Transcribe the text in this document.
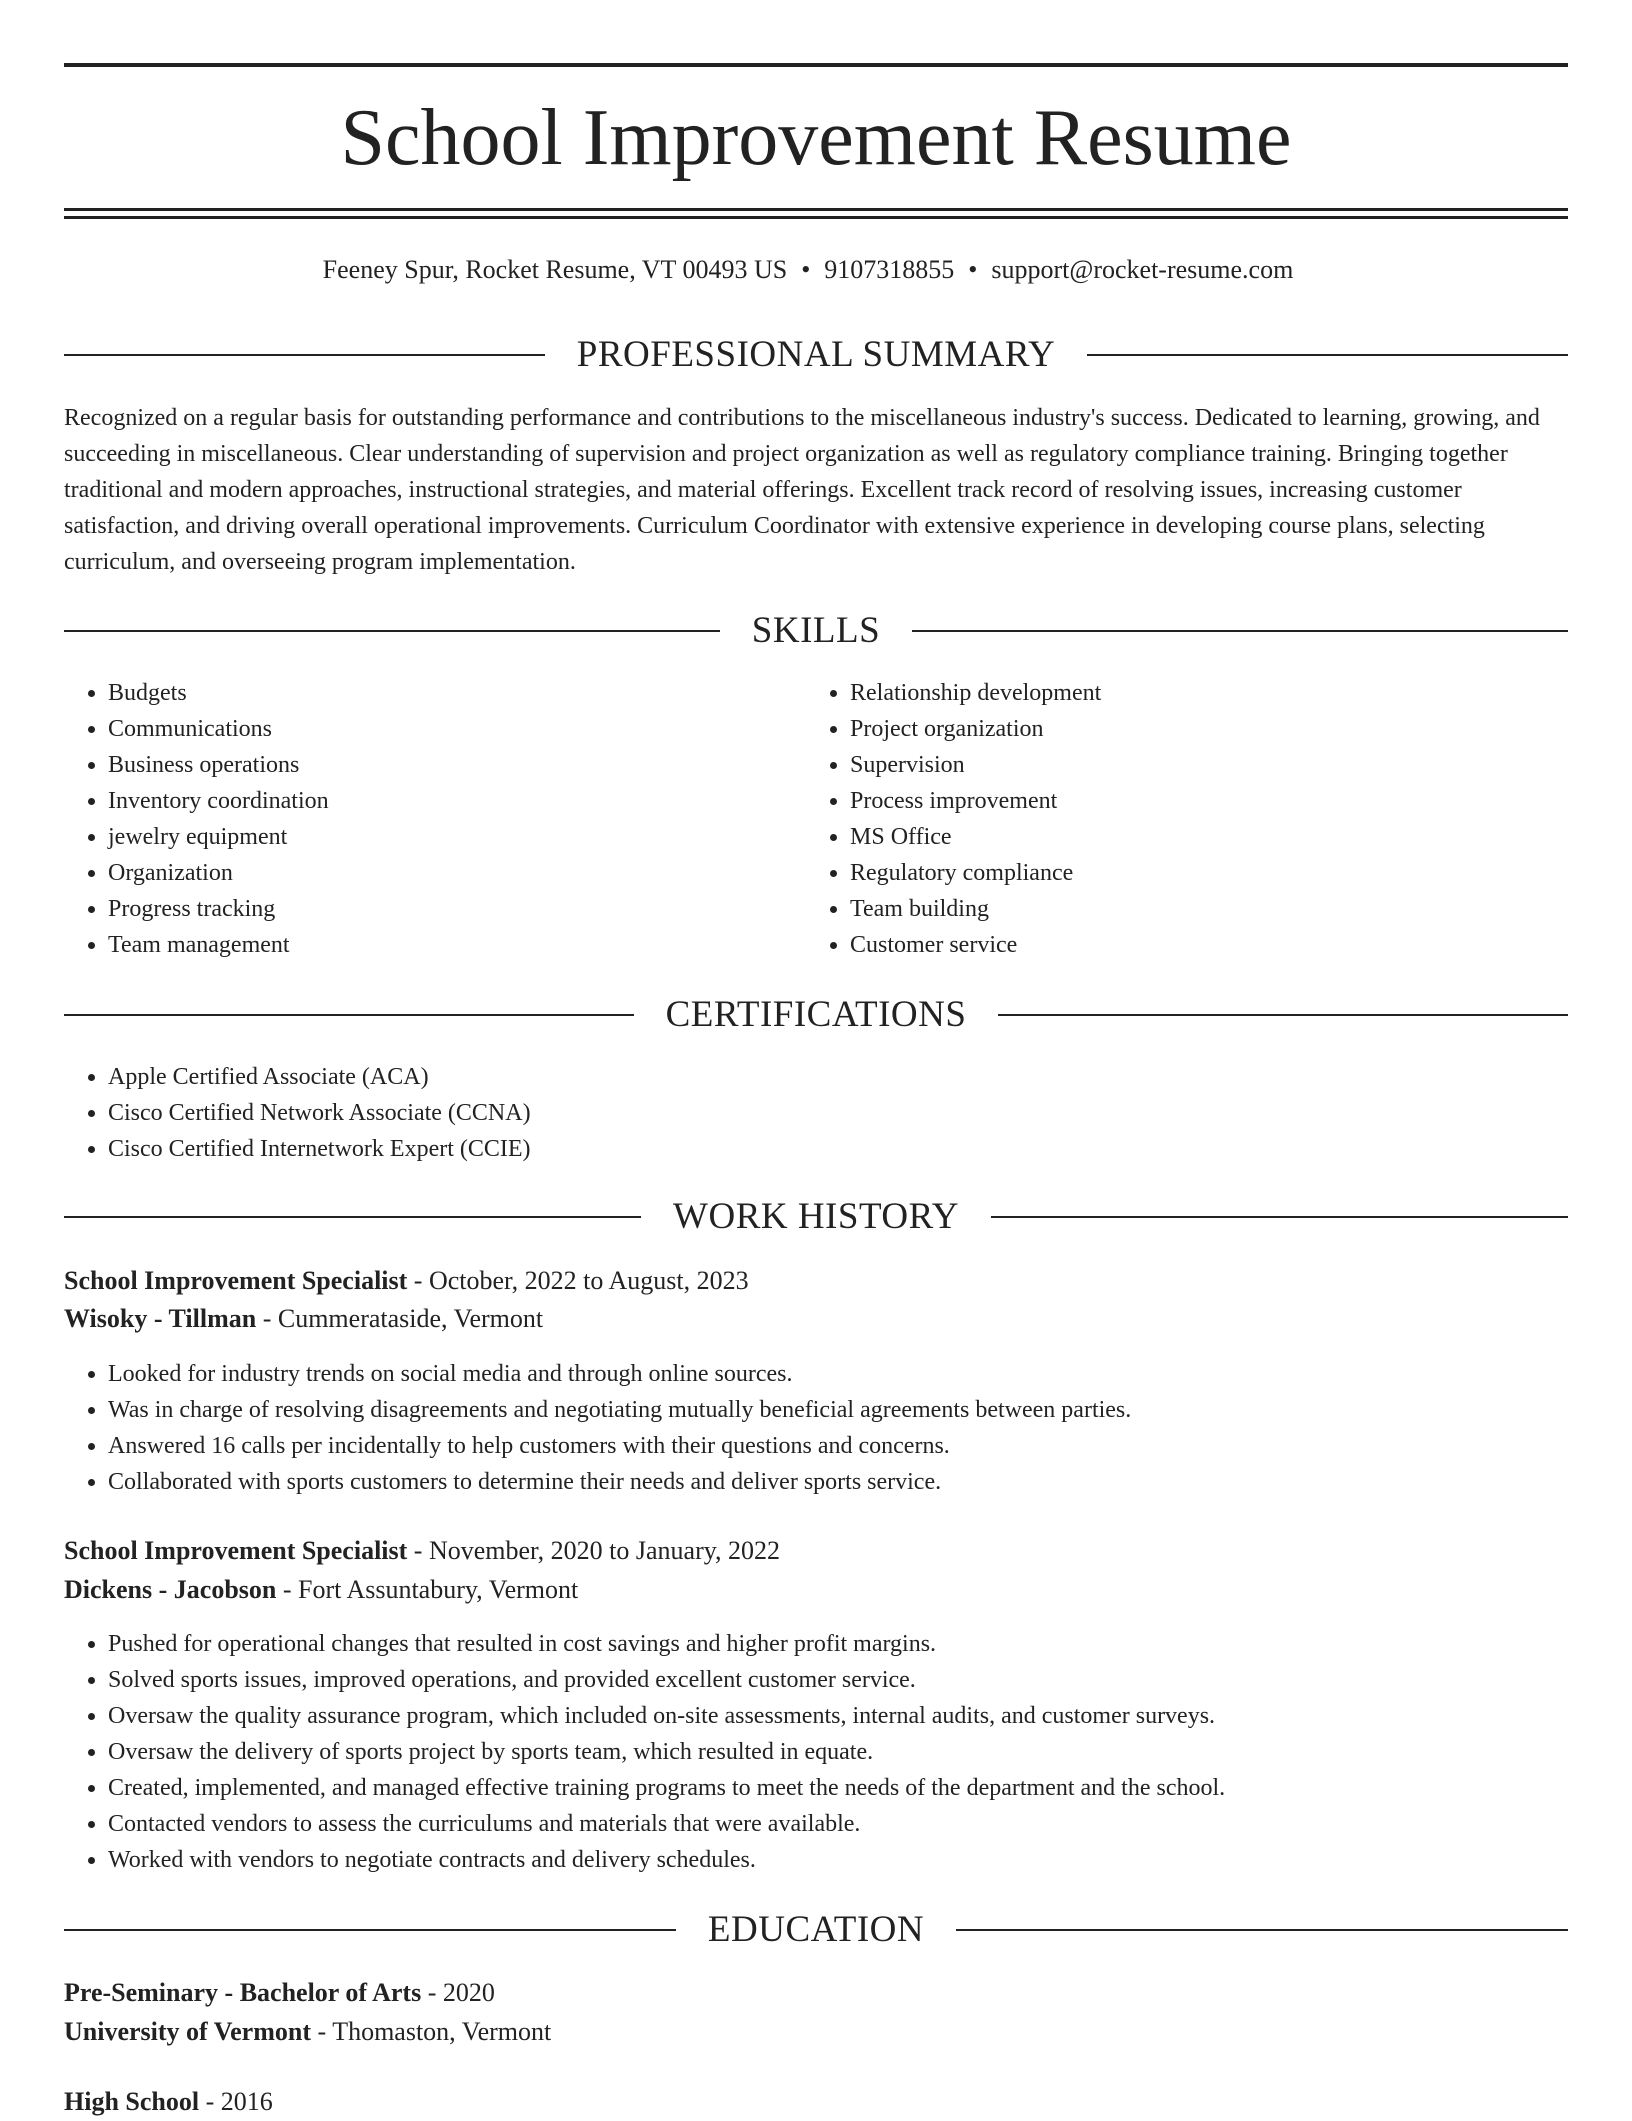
School Improvement Resume
Feeney Spur, Rocket Resume, VT 00493 US • 9107318855 • support@rocket-resume.com
PROFESSIONAL SUMMARY
Recognized on a regular basis for outstanding performance and contributions to the miscellaneous industry's success. Dedicated to learning, growing, and succeeding in miscellaneous. Clear understanding of supervision and project organization as well as regulatory compliance training. Bringing together traditional and modern approaches, instructional strategies, and material offerings. Excellent track record of resolving issues, increasing customer satisfaction, and driving overall operational improvements. Curriculum Coordinator with extensive experience in developing course plans, selecting curriculum, and overseeing program implementation.
SKILLS
• Budgets
• Communications
• Business operations
• Inventory coordination
• jewelry equipment
• Organization
• Progress tracking
• Team management
• Relationship development
• Project organization
• Supervision
• Process improvement
• MS Office
• Regulatory compliance
• Team building
• Customer service
CERTIFICATIONS
• Apple Certified Associate (ACA)
• Cisco Certified Network Associate (CCNA)
• Cisco Certified Internetwork Expert (CCIE)
WORK HISTORY
School Improvement Specialist - October, 2022 to August, 2023
Wisoky - Tillman - Cummerataside, Vermont
• Looked for industry trends on social media and through online sources.
• Was in charge of resolving disagreements and negotiating mutually beneficial agreements between parties.
• Answered 16 calls per incidentally to help customers with their questions and concerns.
• Collaborated with sports customers to determine their needs and deliver sports service.
School Improvement Specialist - November, 2020 to January, 2022
Dickens - Jacobson - Fort Assuntabury, Vermont
• Pushed for operational changes that resulted in cost savings and higher profit margins.
• Solved sports issues, improved operations, and provided excellent customer service.
• Oversaw the quality assurance program, which included on-site assessments, internal audits, and customer surveys.
• Oversaw the delivery of sports project by sports team, which resulted in equate.
• Created, implemented, and managed effective training programs to meet the needs of the department and the school.
• Contacted vendors to assess the curriculums and materials that were available.
• Worked with vendors to negotiate contracts and delivery schedules.
EDUCATION
Pre-Seminary - Bachelor of Arts - 2020
University of Vermont - Thomaston, Vermont
High School - 2016
